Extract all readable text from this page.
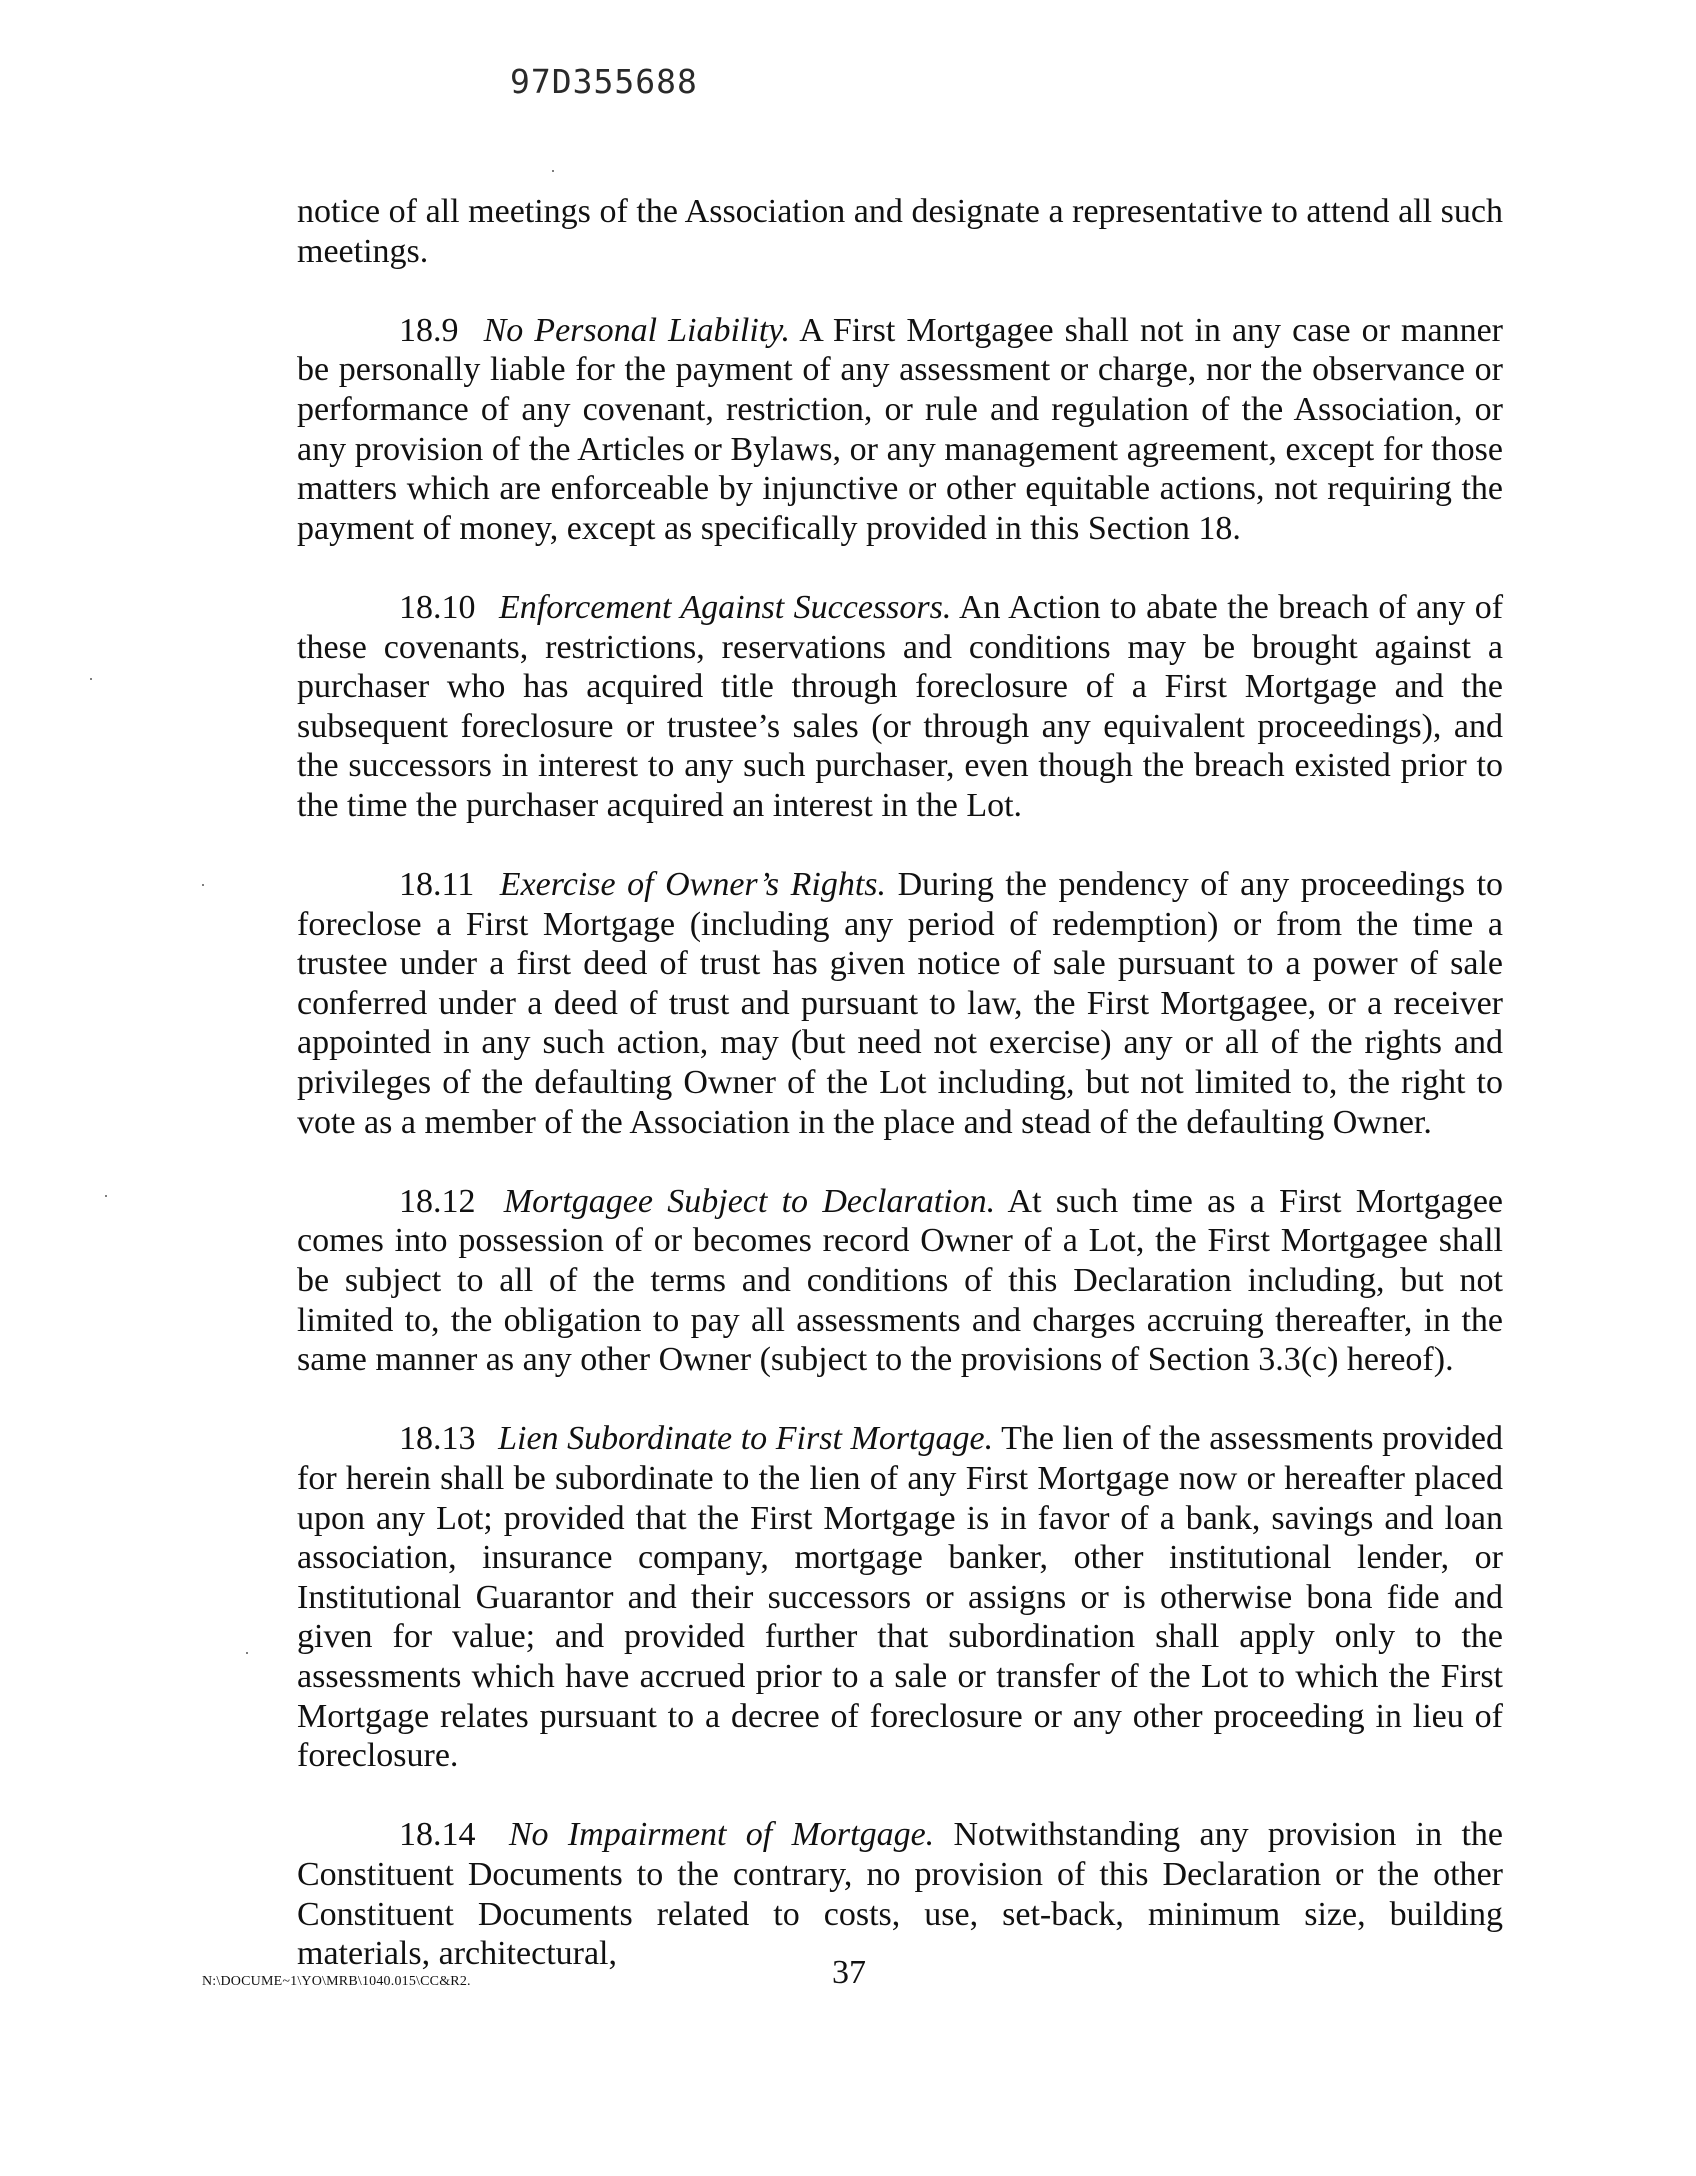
97D355688

notice of all meetings of the Association and designate a representative to attend all such meetings.

18.9 No Personal Liability. A First Mortgagee shall not in any case or manner be personally liable for the payment of any assessment or charge, nor the observance or performance of any covenant, restriction, or rule and regulation of the Association, or any provision of the Articles or Bylaws, or any management agreement, except for those matters which are enforceable by injunctive or other equitable actions, not requiring the payment of money, except as specifically provided in this Section 18.

18.10 Enforcement Against Successors. An Action to abate the breach of any of these covenants, restrictions, reservations and conditions may be brought against a purchaser who has acquired title through foreclosure of a First Mortgage and the subsequent foreclosure or trustee’s sales (or through any equivalent proceedings), and the successors in interest to any such purchaser, even though the breach existed prior to the time the purchaser acquired an interest in the Lot.

18.11 Exercise of Owner’s Rights. During the pendency of any proceedings to foreclose a First Mortgage (including any period of redemption) or from the time a trustee under a first deed of trust has given notice of sale pursuant to a power of sale conferred under a deed of trust and pursuant to law, the First Mortgagee, or a receiver appointed in any such action, may (but need not exercise) any or all of the rights and privileges of the defaulting Owner of the Lot including, but not limited to, the right to vote as a member of the Association in the place and stead of the defaulting Owner.

18.12 Mortgagee Subject to Declaration. At such time as a First Mortgagee comes into possession of or becomes record Owner of a Lot, the First Mortgagee shall be subject to all of the terms and conditions of this Declaration including, but not limited to, the obligation to pay all assessments and charges accruing thereafter, in the same manner as any other Owner (subject to the provisions of Section 3.3(c) hereof).

18.13 Lien Subordinate to First Mortgage. The lien of the assessments provided for herein shall be subordinate to the lien of any First Mortgage now or hereafter placed upon any Lot; provided that the First Mortgage is in favor of a bank, savings and loan association, insurance company, mortgage banker, other institutional lender, or Institutional Guarantor and their successors or assigns or is otherwise bona fide and given for value; and provided further that subordination shall apply only to the assessments which have accrued prior to a sale or transfer of the Lot to which the First Mortgage relates pursuant to a decree of foreclosure or any other proceeding in lieu of foreclosure.

18.14 No Impairment of Mortgage. Notwithstanding any provision in the Constituent Documents to the contrary, no provision of this Declaration or the other Constituent Documents related to costs, use, set-back, minimum size, building materials, architectural,

N:\DOCUME~1\YO\MRB\1040.015\CC&R2.	37
